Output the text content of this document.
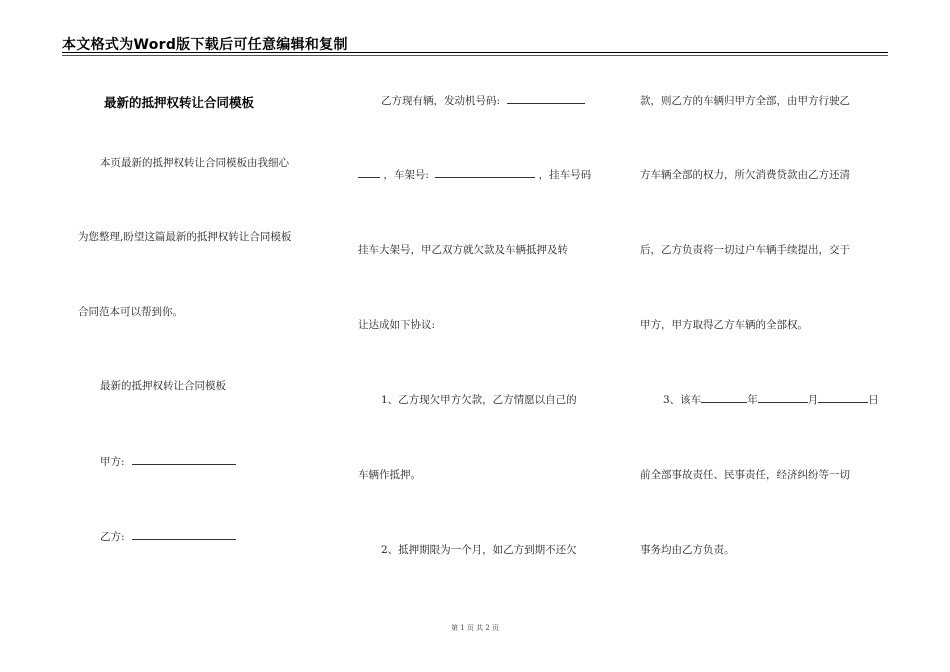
本文格式为Word版下载后可任意编辑和复制
最新的抵押权转让合同模板
本页最新的抵押权转让合同模板由我细心
为您整理,盼望这篇最新的抵押权转让合同模板
合同范本可以帮到你。
最新的抵押权转让合同模板
甲方:
乙方:
乙方现有辆，发动机号码:
，车架号:	，挂车号码
挂车大架号，甲乙双方就欠款及车辆抵押及转
让达成如下协议:
1、乙方现欠甲方欠款，乙方情愿以自己的
车辆作抵押。
2、抵押期限为一个月，如乙方到期不还欠
款，则乙方的车辆归甲方全部，由甲方行驶乙
方车辆全部的权力，所欠消费贷款由乙方还清
后，乙方负责将一切过户车辆手续提出，交于
甲方，甲方取得乙方车辆的全部权。
3、该车	年	月	日
前全部事故责任、民事责任，经济纠纷等一切
事务均由乙方负责。
第 1 页 共 2 页
